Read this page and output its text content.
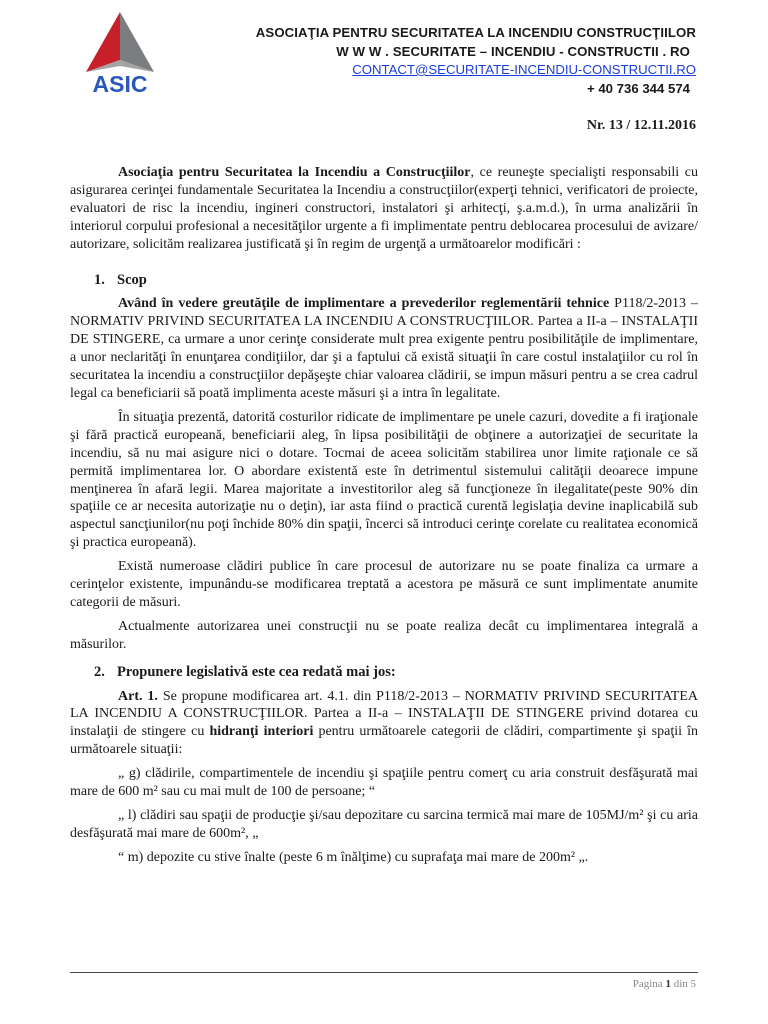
ASIC
ASOCIAŢIA PENTRU SECURITATEA LA INCENDIU CONSTRUCŢIILOR
W W W . SECURITATE – INCENDIU - CONSTRUCTII . RO
CONTACT@SECURITATE-INCENDIU-CONSTRUCTII.RO
+ 40 736 344 574
Nr. 13 / 12.11.2016

Asociaţia pentru Securitatea la Incendiu a Construcţiilor, ce reuneşte specialişti responsabili cu asigurarea cerinţei fundamentale Securitatea la Incendiu a construcţiilor(experţi tehnici, verificatori de proiecte, evaluatori de risc la incendiu, ingineri constructori, instalatori şi arhitecţi, ş.a.m.d.), în urma analizării în interiorul corpului profesional a necesităţilor urgente a fi implimentate pentru deblocarea procesului de avizare/ autorizare, solicităm realizarea justificată şi în regim de urgenţă a următoarelor modificări :

1. Scop

Având în vedere greutăţile de implimentare a prevederilor reglementării tehnice P118/2-2013 – NORMATIV PRIVIND SECURITATEA LA INCENDIU A CONSTRUCŢIILOR. Partea a II-a – INSTALAŢII DE STINGERE, ca urmare a unor cerinţe considerate mult prea exigente pentru posibilităţile de implimentare, a unor neclarităţi în enunţarea condiţiilor, dar şi a faptului că există situaţii în care costul instalaţiilor cu rol în securitatea la incendiu a construcţiilor depăşeşte chiar valoarea clădirii, se impun măsuri pentru a se crea cadrul legal ca beneficiarii să poată implimenta aceste măsuri şi a intra în legalitate.

În situaţia prezentă, datorită costurilor ridicate de implimentare pe unele cazuri, dovedite a fi iraţionale şi fără practică europeană, beneficiarii aleg, în lipsa posibilităţii de obţinere a autorizaţiei de securitate la incendiu, să nu mai asigure nici o dotare. Tocmai de aceea solicităm stabilirea unor limite raţionale ce să permită implimentarea lor. O abordare existentă este în detrimentul sistemului calităţii deoarece impune menţinerea în afară legii. Marea majoritate a investitorilor aleg să funcţioneze în ilegalitate(peste 90% din spaţiile ce ar necesita autorizaţie nu o deţin), iar asta fiind o practică curentă legislaţia devine inaplicabilă sub aspectul sancţiunilor(nu poţi închide 80% din spaţii, încerci să introduci cerinţe corelate cu realitatea economică şi practica europeană).

Există numeroase clădiri publice în care procesul de autorizare nu se poate finaliza ca urmare a cerinţelor existente, impunându-se modificarea treptată a acestora pe măsură ce sunt implimentate anumite categorii de măsuri.

Actualmente autorizarea unei construcţii nu se poate realiza decât cu implimentarea integrală a măsurilor.

2. Propunere legislativă este cea redată mai jos:

Art. 1. Se propune modificarea art. 4.1. din P118/2-2013 – NORMATIV PRIVIND SECURITATEA LA INCENDIU A CONSTRUCŢIILOR. Partea a II-a – INSTALAŢII DE STINGERE privind dotarea cu instalaţii de stingere cu hidranţi interiori pentru următoarele categorii de clădiri, compartimente şi spaţii în următoarele situaţii:

„ g) clădirile, compartimentele de incendiu şi spaţiile pentru comerţ cu aria construit desfăşurată mai mare de 600 m² sau cu mai mult de 100 de persoane; “

„ l) clădiri sau spaţii de producţie şi/sau depozitare cu sarcina termică mai mare de 105MJ/m² şi cu aria desfăşurată mai mare de 600m², „

“ m) depozite cu stive înalte (peste 6 m înălţime) cu suprafaţa mai mare de 200m² „.

Pagina 1 din 5
